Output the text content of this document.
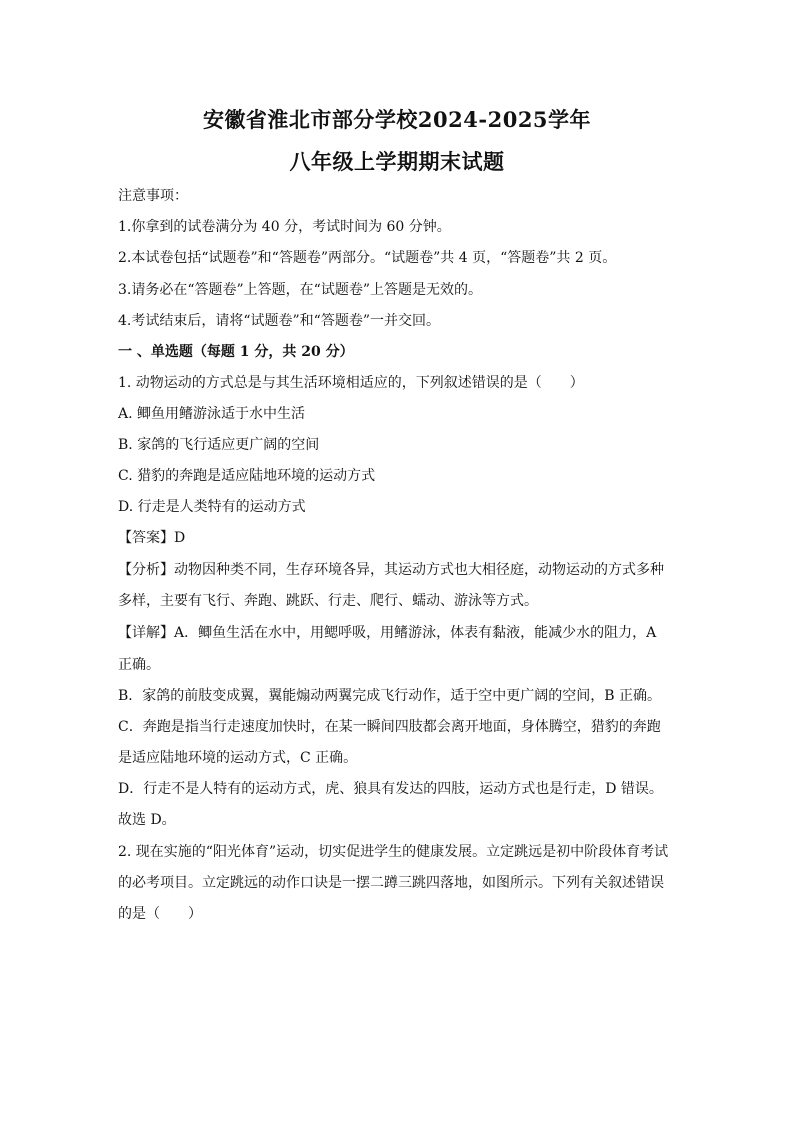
安徽省淮北市部分学校2024-2025学年
八年级上学期期末试题
注意事项：
1.你拿到的试卷满分为 40 分，考试时间为 60 分钟。
2.本试卷包括“试题卷”和“答题卷”两部分。“试题卷”共 4 页，“答题卷”共 2 页。
3.请务必在“答题卷”上答题，在“试题卷”上答题是无效的。
4.考试结束后，请将“试题卷”和“答题卷”一并交回。
一 、单选题（每题 1 分，共 20 分）
1. 动物运动的方式总是与其生活环境相适应的，下列叙述错误的是（　　）
A. 鲫鱼用鳍游泳适于水中生活
B. 家鸽的飞行适应更广阔的空间
C. 猎豹的奔跑是适应陆地环境的运动方式
D. 行走是人类特有的运动方式
【答案】D
【分析】动物因种类不同，生存环境各异，其运动方式也大相径庭，动物运动的方式多种
多样，主要有飞行、奔跑、跳跃、行走、爬行、蠕动、游泳等方式。
【详解】A．鲫鱼生活在水中，用鳃呼吸，用鳍游泳，体表有黏液，能减少水的阻力，A
正确。
B．家鸽的前肢变成翼，翼能煽动两翼完成飞行动作，适于空中更广阔的空间，B 正确。
C．奔跑是指当行走速度加快时，在某一瞬间四肢都会离开地面，身体腾空，猎豹的奔跑
是适应陆地环境的运动方式，C 正确。
D．行走不是人特有的运动方式，虎、狼具有发达的四肢，运动方式也是行走，D 错误。
故选 D。
2. 现在实施的“阳光体育”运动，切实促进学生的健康发展。立定跳远是初中阶段体育考试
的必考项目。立定跳远的动作口诀是一摆二蹲三跳四落地，如图所示。下列有关叙述错误
的是（　　）
